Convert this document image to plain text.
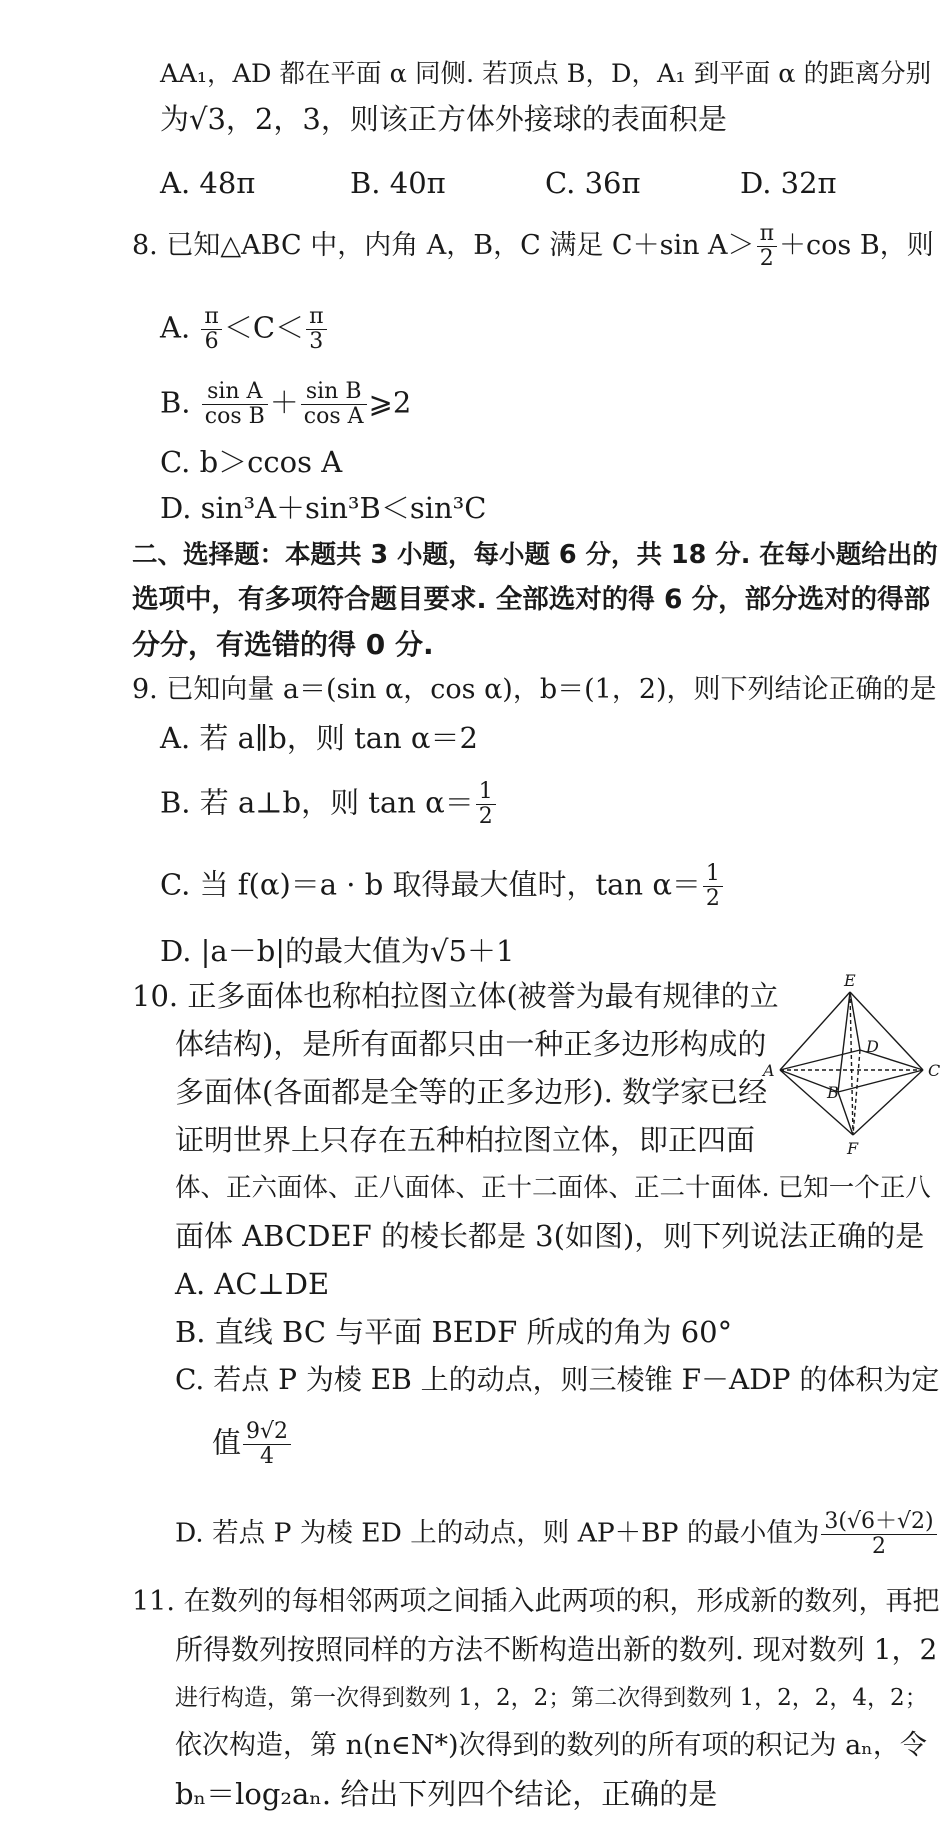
AA₁，AD 都在平面 α 同侧. 若顶点 B，D，A₁ 到平面 α 的距离分别
为√3，2，3，则该正方体外接球的表面积是
A. 48π	B. 40π	C. 36π	D. 32π
8. 已知△ABC 中，内角 A，B，C 满足 C＋sin $A> \frac{\pi}{2} +\cos$ B，则
A. $\frac{\pi}{6} <C< \frac{\pi}{3}$
B. $\frac{\text{sin A}}{\text{cos B}} + \frac{\text{sin B}}{\text{cos A}}$ ⩾2
C. b＞ccos A
D. sin³A＋sin³B＜sin³C
二、选择题：本题共 3 小题，每小题 6 分，共 18 分. 在每小题给出的
选项中，有多项符合题目要求. 全部选对的得 6 分，部分选对的得部
分分，有选错的得 0 分.
9. 已知向量 a＝(sin α，cos α)，b＝(1，2)，则下列结论正确的是
A. 若 a∥b，则 tan α＝2
B. 若 a⊥b，则 $\tan \alpha= \frac{1}{2}$
C. 当 f(α)＝a · b 取得最大值时，$\tan \alpha= \frac{1}{2}$
D. |a－b|的最大值为√5＋1
10. 正多面体也称柏拉图立体(被誉为最有规律的立
体结构)，是所有面都只由一种正多边形构成的
多面体(各面都是全等的正多边形). 数学家已经
证明世界上只存在五种柏拉图立体，即正四面
体、正六面体、正八面体、正十二面体、正二十面体. 已知一个正八
面体 ABCDEF 的棱长都是 3(如图)，则下列说法正确的是
E
A
D
C
B
F
A. AC⊥DE
B. 直线 BC 与平面 BEDF 所成的角为 60°
C. 若点 P 为棱 EB 上的动点，则三棱锥 F－ADP 的体积为定
值 $\frac{9√2}{4}$
D. 若点 P 为棱 ED 上的动点，则 AP＋BP 的最小值为 $\frac{3(√6+√2)}{2}$
11. 在数列的每相邻两项之间插入此两项的积，形成新的数列，再把
所得数列按照同样的方法不断构造出新的数列. 现对数列 1，2
进行构造，第一次得到数列 1，2，2；第二次得到数列 1，2，2，4，2；
依次构造，第 n(n∈N*)次得到的数列的所有项的积记为 aₙ，令
bₙ＝log₂aₙ. 给出下列四个结论，正确的是
